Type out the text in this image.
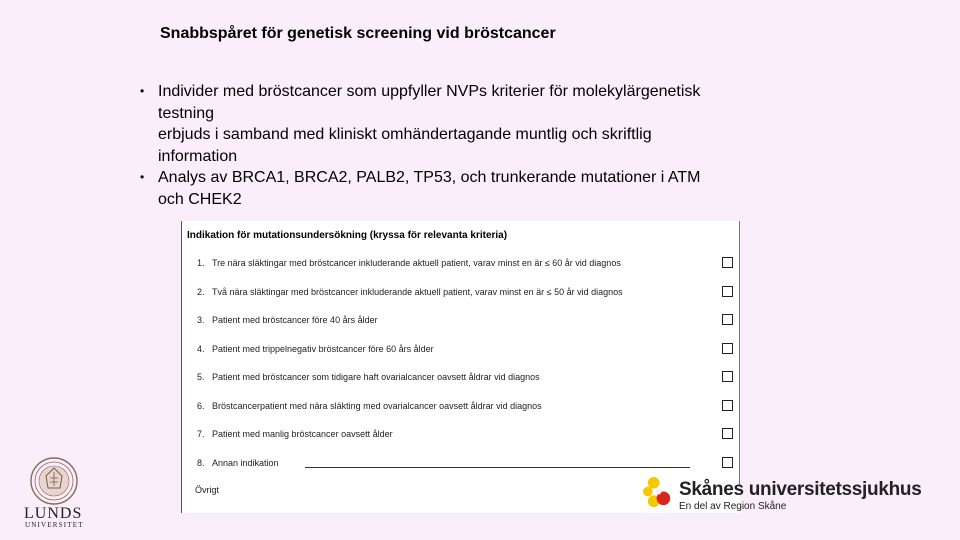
Snabbspåret för genetisk screening vid bröstcancer
• Individer med bröstcancer som uppfyller NVPs kriterier för molekylärgenetisk
testning
erbjuds i samband med kliniskt omhändertagande muntlig och skriftlig
information
• Analys av BRCA1, BRCA2, PALB2, TP53, och trunkerande mutationer i ATM
och CHEK2
Indikation för mutationsundersökning (kryssa för relevanta kriteria)
1. Tre nära släktingar med bröstcancer inkluderande aktuell patient, varav minst en är ≤ 60 år vid diagnos
2. Två nära släktingar med bröstcancer inkluderande aktuell patient, varav minst en är ≤ 50 år vid diagnos
3. Patient med bröstcancer före 40 års ålder
4. Patient med trippelnegativ bröstcancer före 60 års ålder
5. Patient med bröstcancer som tidigare haft ovarialcancer oavsett åldrar vid diagnos
6. Bröstcancerpatient med nära släkting med ovarialcancer oavsett åldrar vid diagnos
7. Patient med manlig bröstcancer oavsett ålder
8. Annan indikation
Övrigt
LUNDS
UNIVERSITET
Skånes universitetssjukhus
En del av Region Skåne
